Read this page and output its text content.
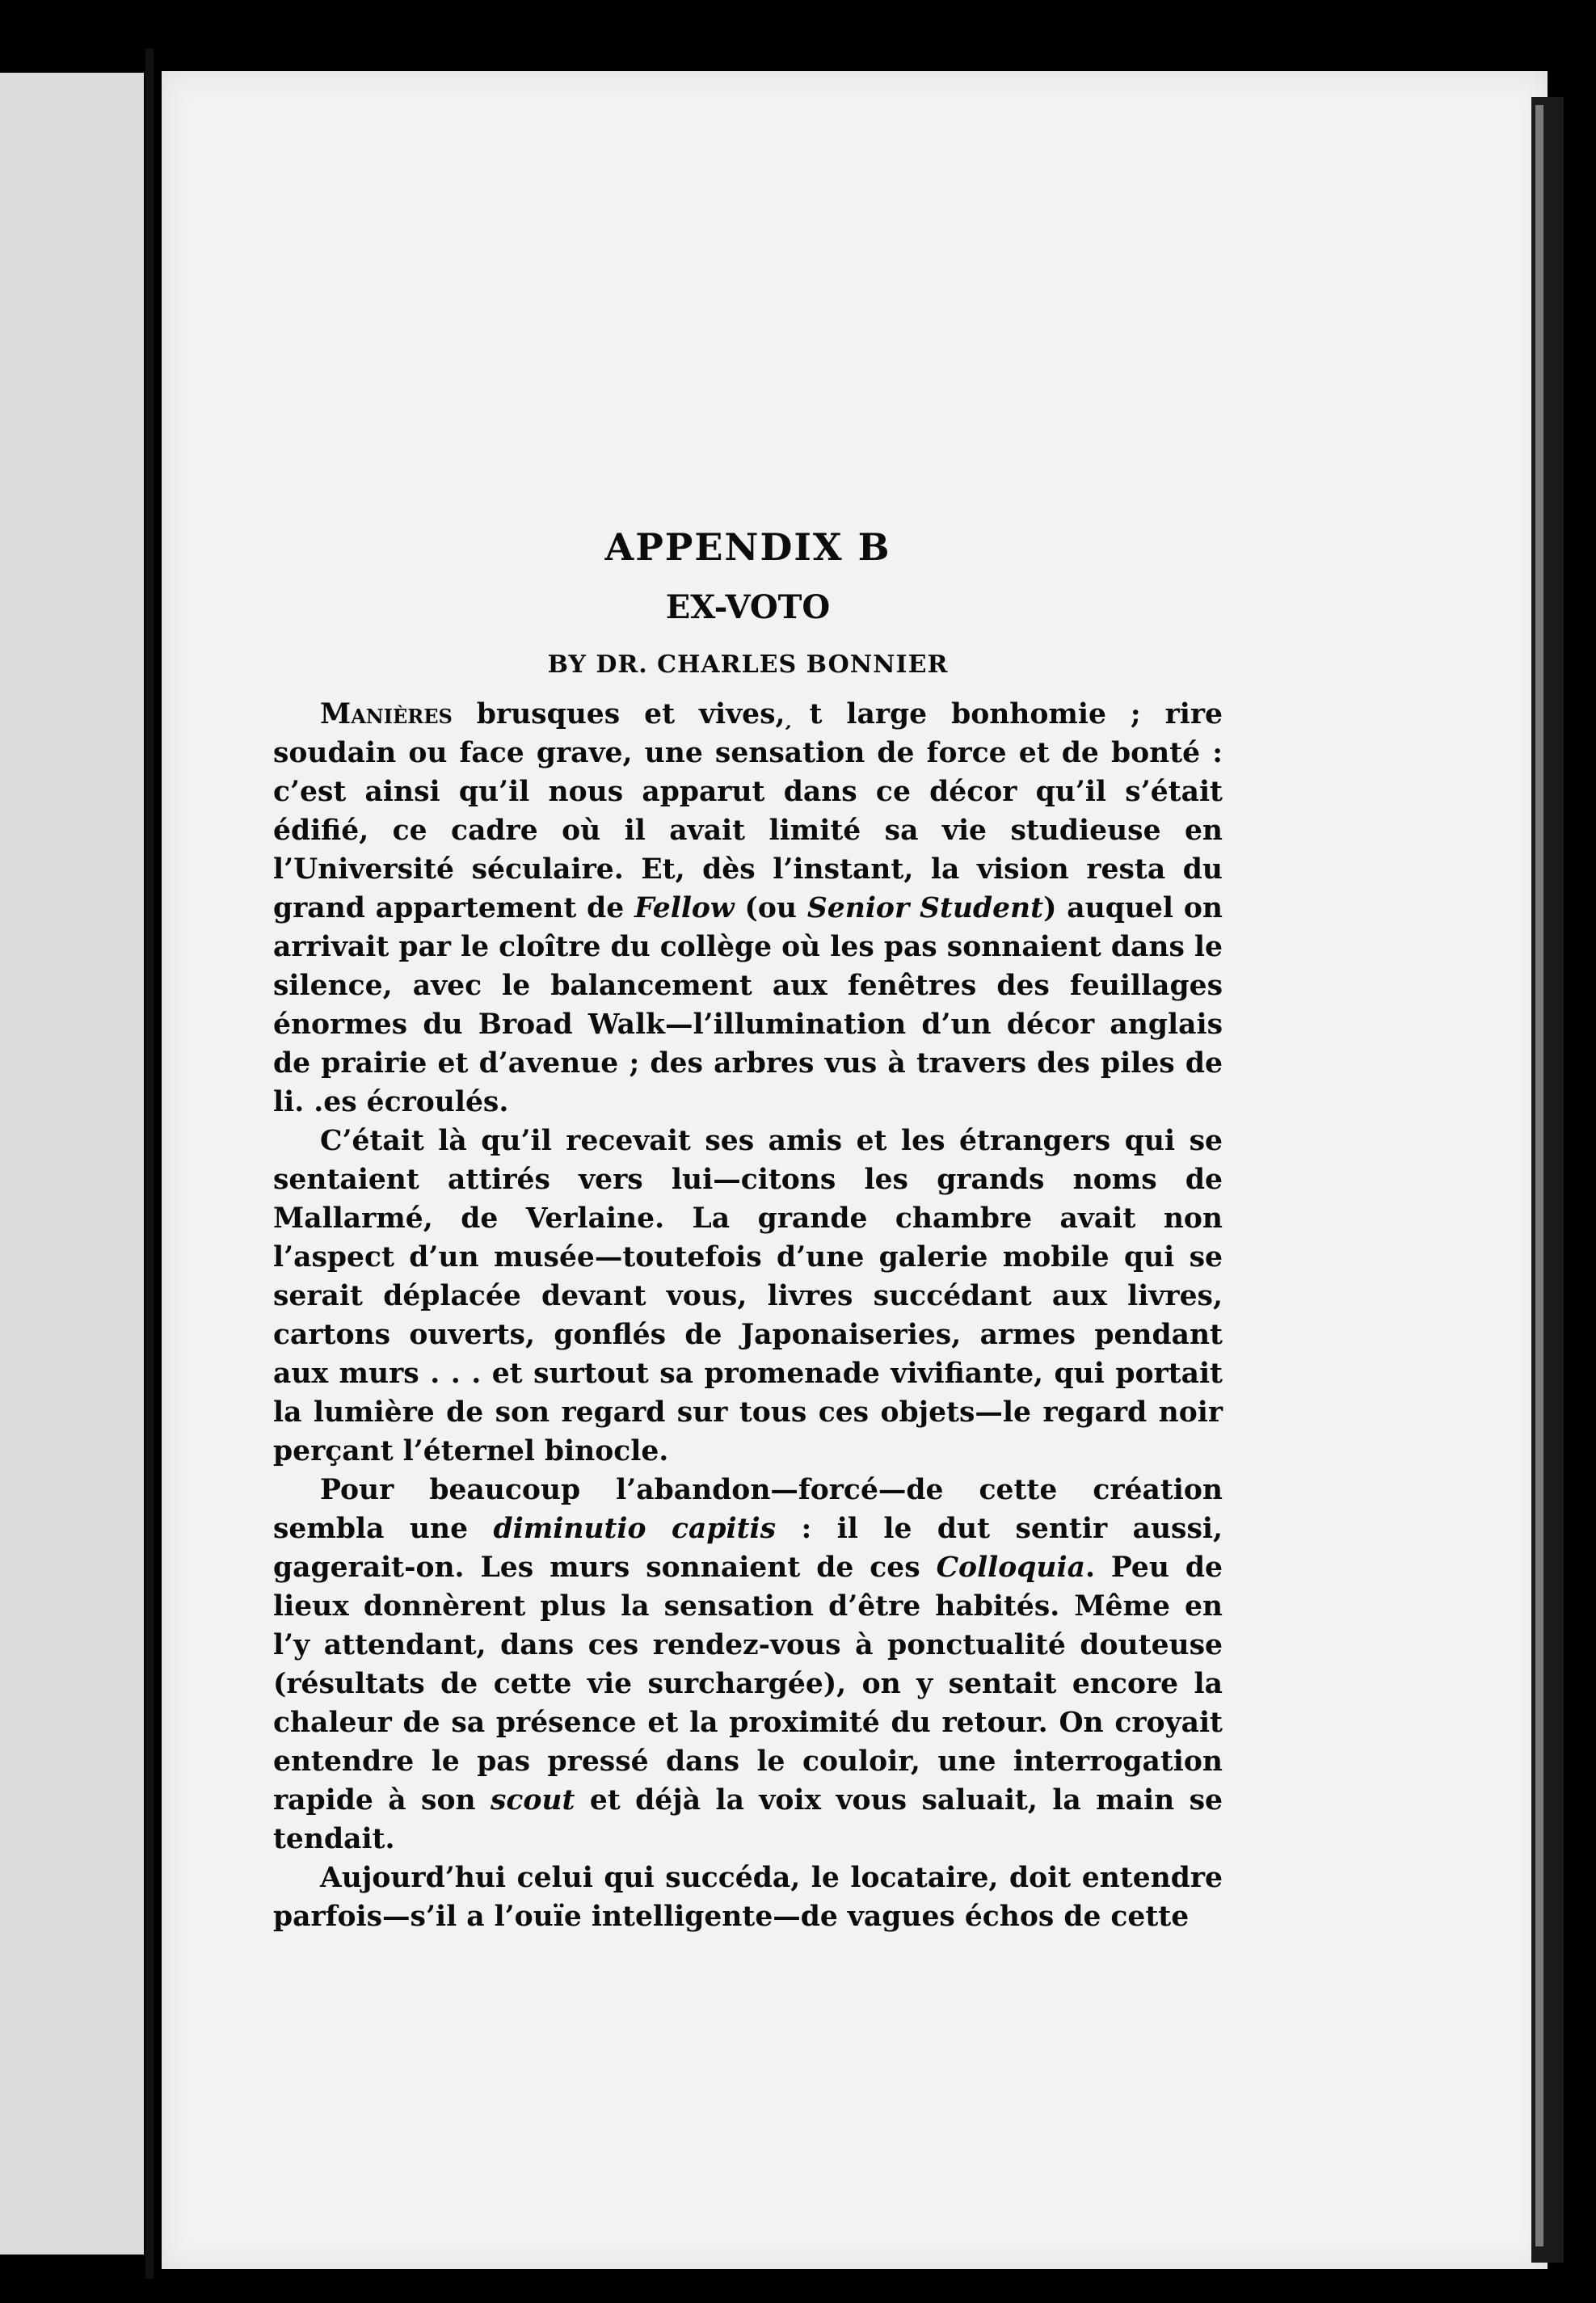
APPENDIX B
EX-VOTO
BY DR. CHARLES BONNIER

Manières brusques et vives, ̦t large bonhomie ; rire soudain ou face grave, une sensation de force et de bonté : c’est ainsi qu’il nous apparut dans ce décor qu’il s’était édifié, ce cadre où il avait limité sa vie studieuse en l’Université séculaire. Et, dès l’instant, la vision resta du grand appartement de Fellow (ou Senior Student) auquel on arrivait par le cloître du collège où les pas sonnaient dans le silence, avec le balancement aux fenêtres des feuillages énormes du Broad Walk—l’illumination d’un décor anglais de prairie et d’avenue ; des arbres vus à travers des piles de li. .es écroulés.

C’était là qu’il recevait ses amis et les étrangers qui se sentaient attirés vers lui—citons les grands noms de Mallarmé, de Verlaine. La grande chambre avait non l’aspect d’un musée—toutefois d’une galerie mobile qui se serait déplacée devant vous, livres succédant aux livres, cartons ouverts, gonflés de Japonaiseries, armes pendant aux murs . . . et surtout sa promenade vivifiante, qui portait la lumière de son regard sur tous ces objets—le regard noir perçant l’éternel binocle.

Pour beaucoup l’abandon—forcé—de cette création sembla une diminutio capitis : il le dut sentir aussi, gagerait-on. Les murs sonnaient de ces Colloquia. Peu de lieux donnèrent plus la sensation d’être habités. Même en l’y attendant, dans ces rendez-vous à ponctualité douteuse (résultats de cette vie surchargée), on y sentait encore la chaleur de sa présence et la proximité du retour. On croyait entendre le pas pressé dans le couloir, une interrogation rapide à son scout et déjà la voix vous saluait, la main se tendait.

Aujourd’hui celui qui succéda, le locataire, doit entendre parfois—s’il a l’ouïe intelligente—de vagues échos de cette
